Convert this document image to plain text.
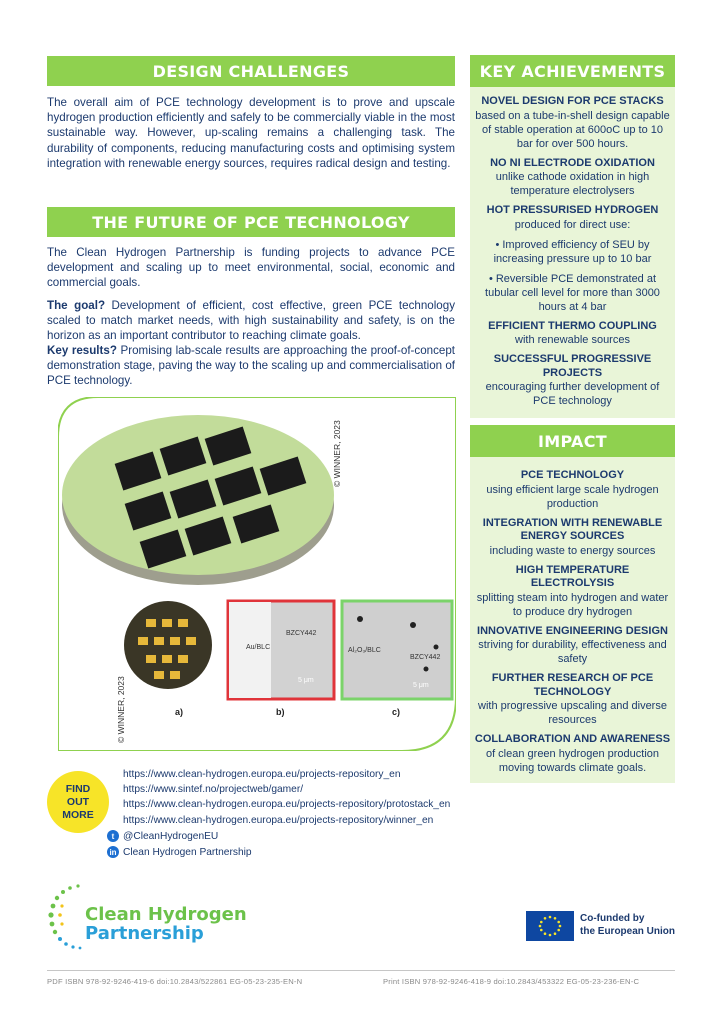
DESIGN CHALLENGES

The overall aim of PCE technology development is to prove and upscale hydrogen production efficiently and safely to be commercially viable in the most sustainable way. However, up-scaling remains a challenging task. The durability of components, reducing manufacturing costs and optimising system integration with renewable energy sources, requires radical design and testing.

THE FUTURE OF PCE TECHNOLOGY

The Clean Hydrogen Partnership is funding projects to advance PCE development and scaling up to meet environmental, social, economic and commercial goals.

The goal? Development of efficient, cost effective, green PCE technology scaled to match market needs, with high sustainability and safety, is on the horizon as an important contributor to reaching climate goals.

Key results? Promising lab-scale results are approaching the proof-of-concept demonstration stage, paving the way to the scaling up and commercialisation of PCE technology.

KEY ACHIEVEMENTS
NOVEL DESIGN FOR PCE STACKS
based on a tube-in-shell design capable of stable operation at 600oC up to 10 bar for over 500 hours.
NO NI ELECTRODE OXIDATION
unlike cathode oxidation in high temperature electrolysers
HOT PRESSURISED HYDROGEN
produced for direct use:
• Improved efficiency of SEU by increasing pressure up to 10 bar
• Reversible PCE demonstrated at tubular cell level for more than 3000 hours at 4 bar
EFFICIENT THERMO COUPLING
with renewable sources
SUCCESSFUL PROGRESSIVE PROJECTS
encouraging further development of PCE technology
IMPACT
PCE TECHNOLOGY
using efficient large scale hydrogen production
INTEGRATION WITH RENEWABLE ENERGY SOURCES
including waste to energy sources
HIGH TEMPERATURE ELECTROLYSIS
splitting steam into hydrogen and water to produce dry hydrogen
INNOVATIVE ENGINEERING DESIGN
striving for durability, effectiveness and safety
FURTHER RESEARCH OF PCE TECHNOLOGY
with progressive upscaling and diverse resources
COLLABORATION AND AWARENESS
of clean green hydrogen production moving towards climate goals.
© WINNER, 2023
a)
Au/BLC
BZCY442
5 μm
b)
Al₂O₃/BLC
BZCY442
5 μm
c)
© WINNER, 2023
FIND
OUT
MORE
https://www.clean-hydrogen.europa.eu/projects-repository_en
https://www.sintef.no/projectweb/gamer/
https://www.clean-hydrogen.europa.eu/projects-repository/protostack_en
https://www.clean-hydrogen.europa.eu/projects-repository/winner_en
t @CleanHydrogenEU
in Clean Hydrogen Partnership
Clean Hydrogen
Partnership
Co-funded by
the European Union
PDF ISBN 978-92-9246-419-6 doi:10.2843/522861 EG-05-23-235-EN-N	Print ISBN 978-92-9246-418-9 doi:10.2843/453322 EG-05-23-236-EN-C
